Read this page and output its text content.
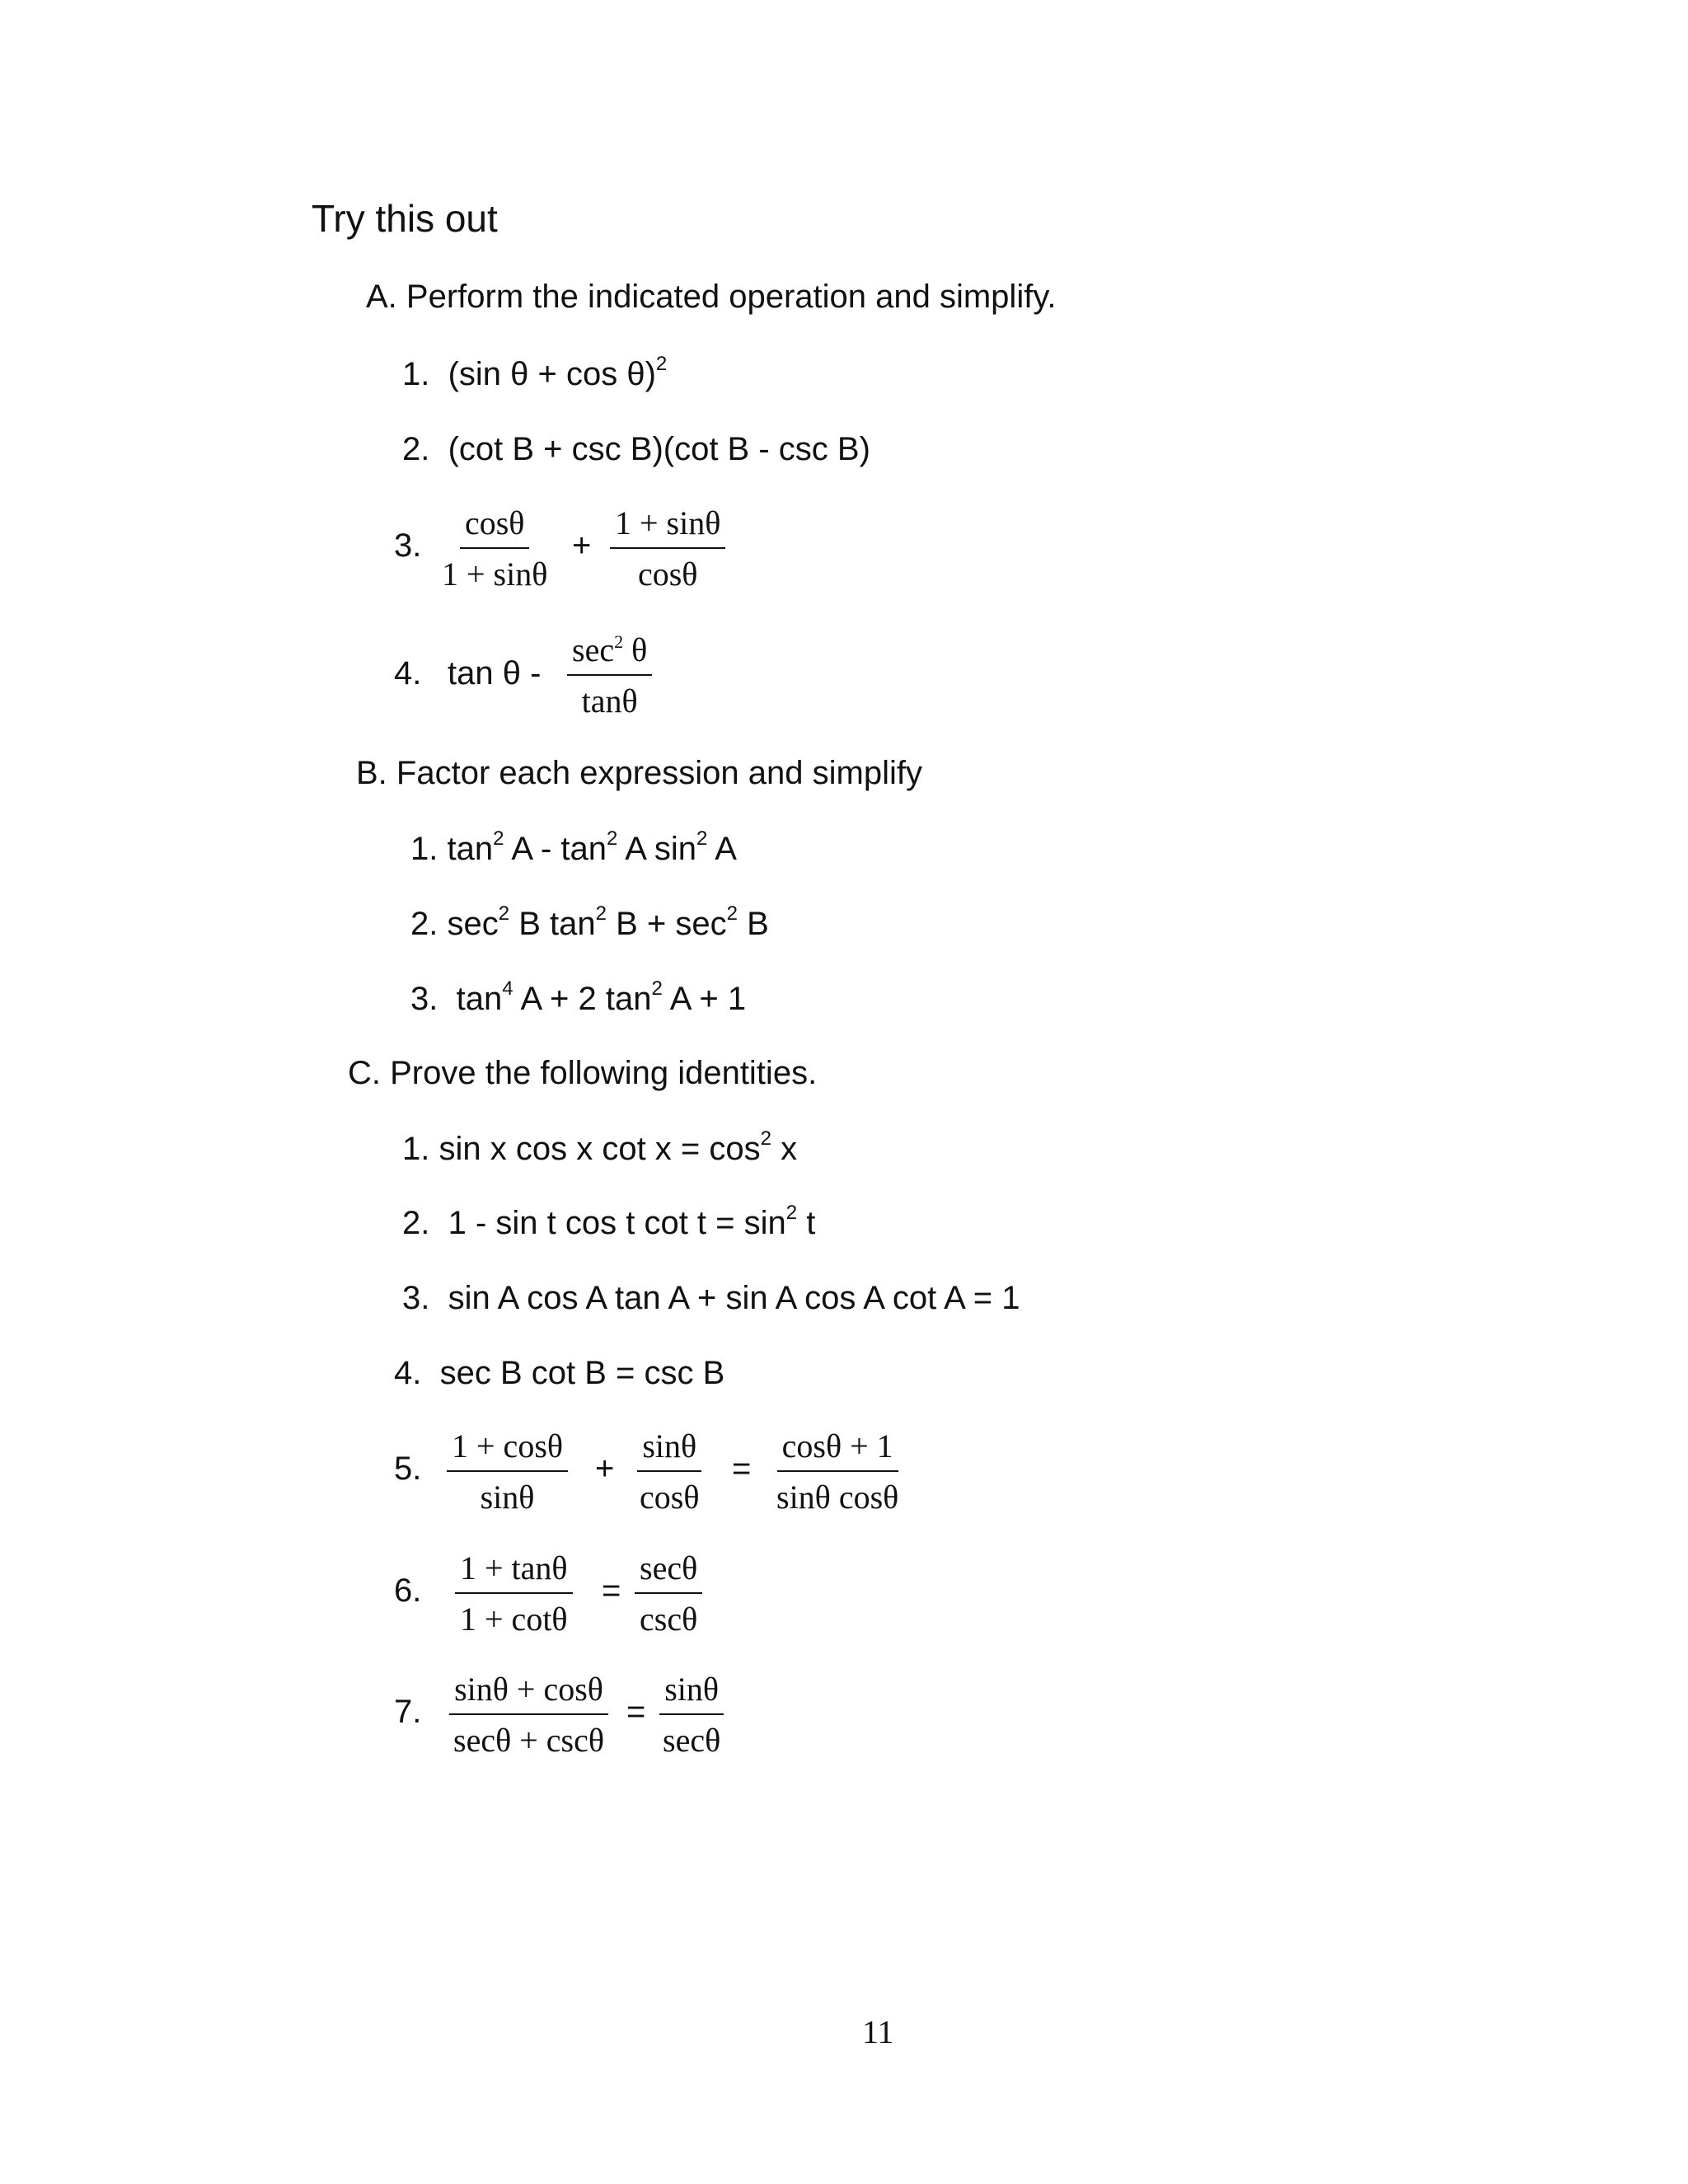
Try this out
A. Perform the indicated operation and simplify.
1. (sin θ + cos θ)$^2$
2. (cot B + csc B)(cot B - csc B)
3. $\frac{\cos\theta}{1 + \sin\theta} + \frac{1 + \sin\theta}{\cos\theta}$
4. tan θ -
$\sec^2 \theta$
tanθ
B. Factor each expression and simplify
1. $\tan^2 A - \tan^2 A$ $\sin^2 A$
2. $\sec^2 B$ $\tan^2 B + \sec^2 B$
3. $\tan^4 A + 2$ $\tan^2 A + 1$
C. Prove the following identities.
1. sin x cos x $\cot x = \cos^2 x$
2. 1 - sin t cos t $\cot t = \sin^2 t$
3. sin A cos A tan A + sin A cos A cot A = 1
4. sec B cot B = csc B
5. $\frac{1 + \cos\theta}{\sin\theta} + \frac{\sin\theta}{\cos\theta} = \frac{\cos\theta + 1}{\text{sinθ cosθ}}$
6. $\frac{1 + \tan\theta}{1 + \cot\theta}$ =
secθ
cscθ
7.
sinθ + cosθ
secθ + cscθ
=
sinθ
secθ
11
